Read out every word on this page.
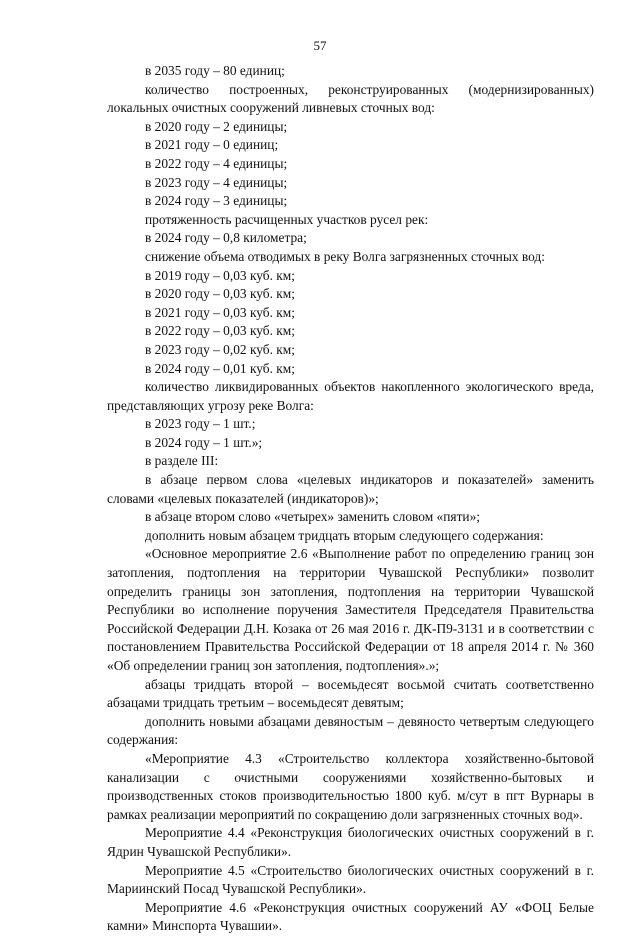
57

в 2035 году – 80 единиц;

количество построенных, реконструированных (модернизированных) локальных очистных сооружений ливневых сточных вод:

в 2020 году – 2 единицы;

в 2021 году – 0 единиц;

в 2022 году – 4 единицы;

в 2023 году – 4 единицы;

в 2024 году – 3 единицы;

протяженность расчищенных участков русел рек:

в 2024 году – 0,8 километра;

снижение объема отводимых в реку Волга загрязненных сточных вод:

в 2019 году – 0,03 куб. км;

в 2020 году – 0,03 куб. км;

в 2021 году – 0,03 куб. км;

в 2022 году – 0,03 куб. км;

в 2023 году – 0,02 куб. км;

в 2024 году – 0,01 куб. км;

количество ликвидированных объектов накопленного экологического вреда, представляющих угрозу реке Волга:

в 2023 году – 1 шт.;

в 2024 году – 1 шт.»;

в разделе III:

в абзаце первом слова «целевых индикаторов и показателей» заменить словами «целевых показателей (индикаторов)»;

в абзаце втором слово «четырех» заменить словом «пяти»;

дополнить новым абзацем тридцать вторым следующего содержания:

«Основное мероприятие 2.6 «Выполнение работ по определению границ зон затопления, подтопления на территории Чувашской Республики» позволит определить границы зон затопления, подтопления на территории Чувашской Республики во исполнение поручения Заместителя Председателя Правительства Российской Федерации Д.Н. Козака от 26 мая 2016 г. ДК-П9-3131 и в соответствии с постановлением Правительства Российской Федерации от 18 апреля 2014 г. № 360 «Об определении границ зон затопления, подтопления».»;

абзацы тридцать второй – восемьдесят восьмой считать соответственно абзацами тридцать третьим – восемьдесят девятым;

дополнить новыми абзацами девяностым – девяносто четвертым следующего содержания:

«Мероприятие 4.3 «Строительство коллектора хозяйственно-бытовой канализации с очистными сооружениями хозяйственно-бытовых и производственных стоков производительностью 1800 куб. м/сут в пгт Вурнары в рамках реализации мероприятий по сокращению доли загрязненных сточных вод».

Мероприятие 4.4 «Реконструкция биологических очистных сооружений в г. Ядрин Чувашской Республики».

Мероприятие 4.5 «Строительство биологических очистных сооружений в г. Мариинский Посад Чувашской Республики».

Мероприятие 4.6 «Реконструкция очистных сооружений АУ «ФОЦ Белые камни» Минспорта Чувашии».
